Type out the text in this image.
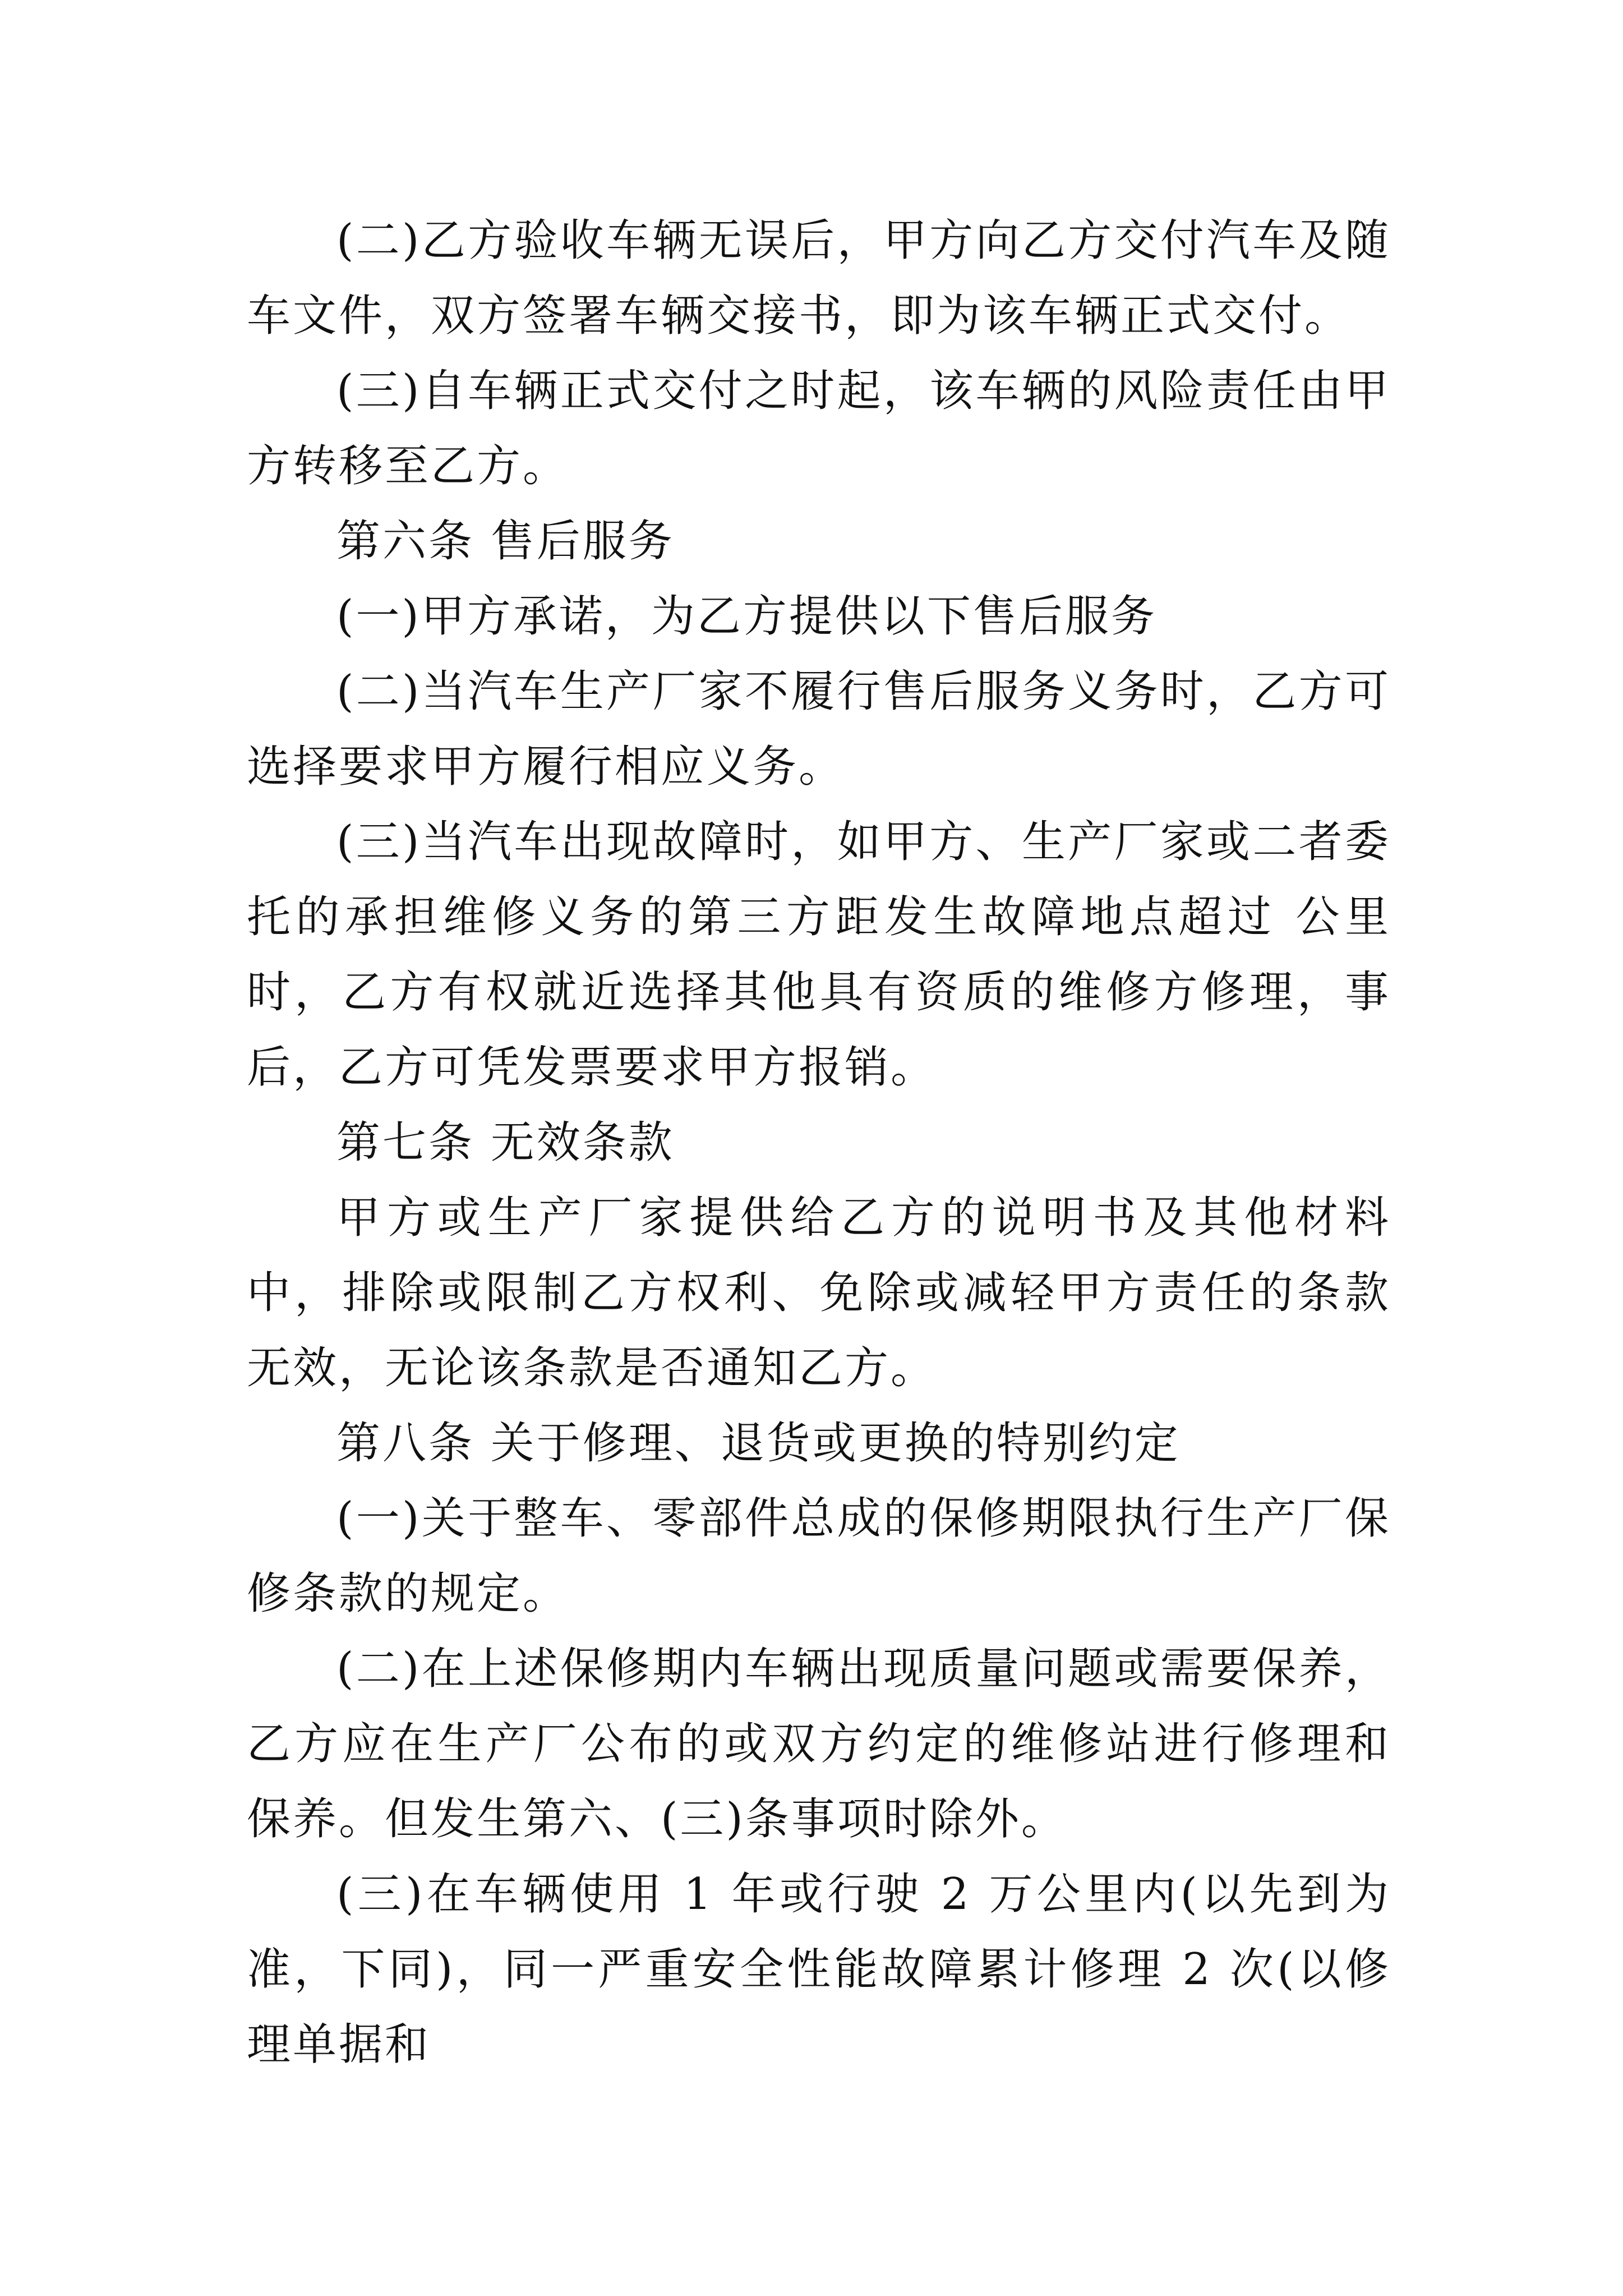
(二)乙方验收车辆无误后，甲方向乙方交付汽车及随车文件，双方签署车辆交接书，即为该车辆正式交付。

(三)自车辆正式交付之时起，该车辆的风险责任由甲方转移至乙方。

第六条 售后服务

(一)甲方承诺，为乙方提供以下售后服务

(二)当汽车生产厂家不履行售后服务义务时，乙方可选择要求甲方履行相应义务。

(三)当汽车出现故障时，如甲方、生产厂家或二者委托的承担维修义务的第三方距发生故障地点超过 公里时，乙方有权就近选择其他具有资质的维修方修理，事后，乙方可凭发票要求甲方报销。

第七条 无效条款

甲方或生产厂家提供给乙方的说明书及其他材料中，排除或限制乙方权利、免除或减轻甲方责任的条款无效，无论该条款是否通知乙方。

第八条 关于修理、退货或更换的特别约定

(一)关于整车、零部件总成的保修期限执行生产厂保修条款的规定。

(二)在上述保修期内车辆出现质量问题或需要保养，乙方应在生产厂公布的或双方约定的维修站进行修理和保养。但发生第六、(三)条事项时除外。

(三)在车辆使用 1 年或行驶 2 万公里内(以先到为准，下同)，同一严重安全性能故障累计修理 2 次(以修理单据和
